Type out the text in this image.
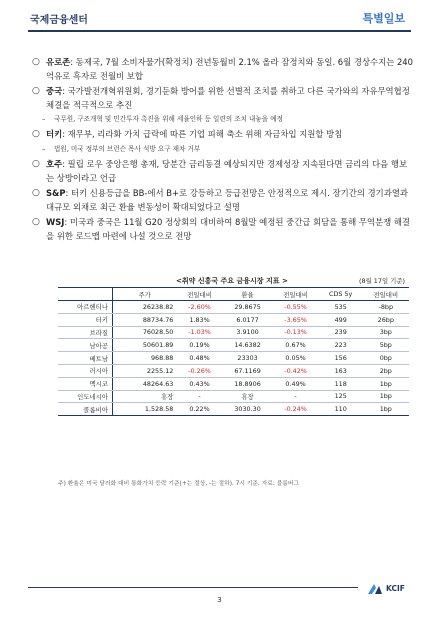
국제금융센터	특별일보
○ 유로존: 동제국, 7월 소비자물가(확정치) 전년동월비 2.1% 올라 잠정치와 동일. 6월 경상수지는 240억유로 흑자로 전월비 보합
○ 중국: 국가발전개혁위원회, 경기둔화 방어를 위한 선별적 조치를 취하고 다른 국가와의 자유무역협정 체결을 적극적으로 추진
– 국무원, 구조개혁 및 민간투자 촉진을 위해 세율인하 등 일련의 조치 내놓을 예정
○ 터키: 재무부, 리라화 가치 급락에 따른 기업 피해 축소 위해 자금차입 지원할 방침
– 법원, 미국 정부의 브런슨 목사 석방 요구 재차 거부
○ 호주: 필립 로우 중앙은행 총재, 당분간 금리동결 예상되지만 경제성장 지속된다면 금리의 다음 행보는 상방이라고 언급
○ S&P: 터키 신용등급을 BB-에서 B+로 강등하고 등급전망은 안정적으로 제시. 장기간의 경기과열과 대규모 외채로 최근 환율 변동성이 확대되었다고 설명
○ WSJ: 미국과 중국은 11월 G20 정상회의 대비하여 8월말 예정된 중간급 회담을 통해 무역분쟁 해결을 위한 로드맵 마련에 나설 것으로 전망
<취약 신흥국 주요 금융시장 지표 >	(8월 17일 기준)
	주가	전일대비	환율	전일대비	CDS 5y	전일대비
아르헨티나	26238.82	-2.60%	29.8675	-0.55%	535	-8bp
터키	88734.76	1.83%	6.0177	-3.65%	499	26bp
브라질	76028.50	-1.03%	3.9100	-0.13%	239	3bp
남아공	50601.89	0.19%	14.6382	0.67%	223	5bp
베트남	968.88	0.48%	23303	0.05%	156	0bp
러시아	2255.12	-0.26%	67.1169	-0.42%	163	2bp
멕시코	48264.63	0.43%	18.8906	0.49%	118	1bp
인도네시아	휴장	-	휴장	-	125	1bp
콜롬비아	1,528.58	0.22%	3030.30	-0.24%	110	1bp
주) 환율은 미국 달러화 대비 통화가치 등락 기준(+는 절상, -는 절하). 7시 기준, 자료: 블룸버그
3
KCIF
